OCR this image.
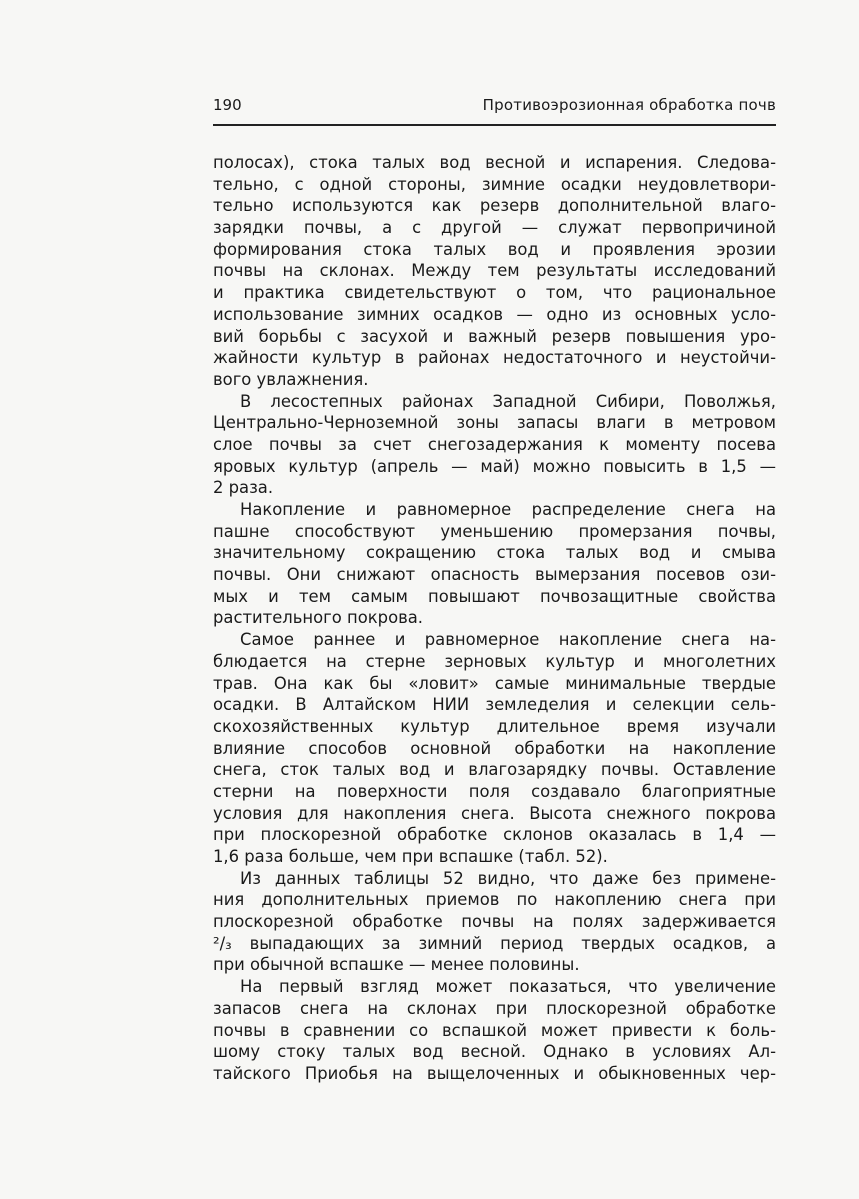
190	Противоэрозионная обработка почв
полосах), стока талых вод весной и испарения. Следова-
тельно, с одной стороны, зимние осадки неудовлетвори-
тельно используются как резерв дополнительной влаго-
зарядки почвы, а с другой — служат первопричиной
формирования стока талых вод и проявления эрозии
почвы на склонах. Между тем результаты исследований
и практика свидетельствуют о том, что рациональное
использование зимних осадков — одно из основных усло-
вий борьбы с засухой и важный резерв повышения уро-
жайности культур в районах недостаточного и неустойчи-
вого увлажнения.
В лесостепных районах Западной Сибири, Поволжья,
Центрально-Черноземной зоны запасы влаги в метровом
слое почвы за счет снегозадержания к моменту посева
яровых культур (апрель — май) можно повысить в 1,5 —
2 раза.
Накопление и равномерное распределение снега на
пашне способствуют уменьшению промерзания почвы,
значительному сокращению стока талых вод и смыва
почвы. Они снижают опасность вымерзания посевов ози-
мых и тем самым повышают почвозащитные свойства
растительного покрова.
Самое раннее и равномерное накопление снега на-
блюдается на стерне зерновых культур и многолетних
трав. Она как бы «ловит» самые минимальные твердые
осадки. В Алтайском НИИ земледелия и селекции сель-
скохозяйственных культур длительное время изучали
влияние способов основной обработки на накопление
снега, сток талых вод и влагозарядку почвы. Оставление
стерни на поверхности поля создавало благоприятные
условия для накопления снега. Высота снежного покрова
при плоскорезной обработке склонов оказалась в 1,4 —
1,6 раза больше, чем при вспашке (табл. 52).
Из данных таблицы 52 видно, что даже без примене-
ния дополнительных приемов по накоплению снега при
плоскорезной обработке почвы на полях задерживается
²/₃ выпадающих за зимний период твердых осадков, а
при обычной вспашке — менее половины.
На первый взгляд может показаться, что увеличение
запасов снега на склонах при плоскорезной обработке
почвы в сравнении со вспашкой может привести к боль-
шому стоку талых вод весной. Однако в условиях Ал-
тайского Приобья на выщелоченных и обыкновенных чер-
